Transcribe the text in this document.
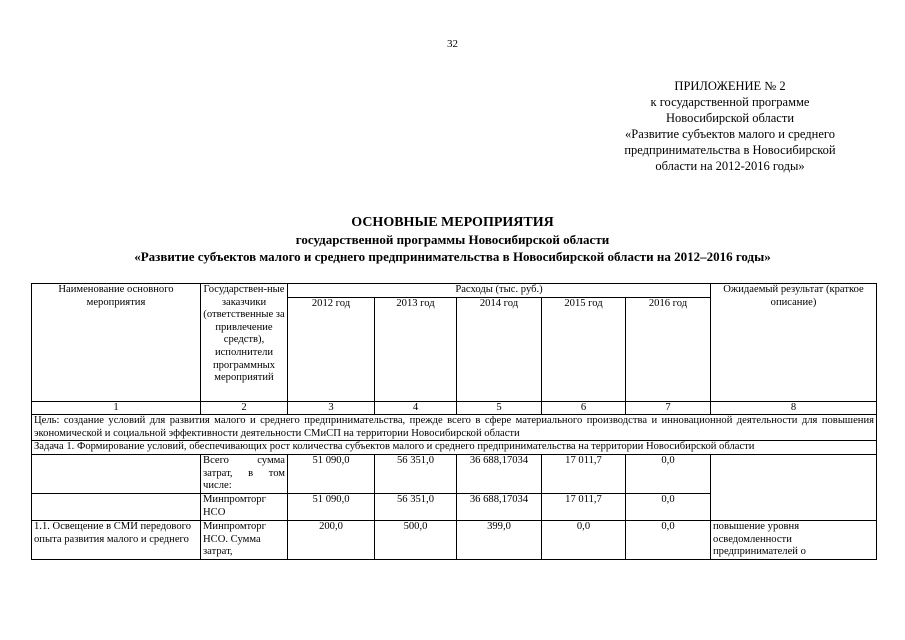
32
ПРИЛОЖЕНИЕ № 2
к государственной программе
Новосибирской области
«Развитие субъектов малого и среднего
предпринимательства в Новосибирской
области на 2012-2016 годы»
ОСНОВНЫЕ МЕРОПРИЯТИЯ
государственной программы Новосибирской области
«Развитие субъектов малого и среднего предпринимательства в Новосибирской области на 2012–2016 годы»
Наименование основного мероприятия	Государствен-ные заказчики (ответственные за привлечение средств), исполнители программных мероприятий	Расходы (тыс. руб.)					Ожидаемый результат (краткое описание)
		2012 год	2013 год	2014 год	2015 год	2016 год	
1	2	3	4	5	6	7	8
Цель: создание условий для развития малого и среднего предпринимательства, прежде всего в сфере материального производства и инновационной деятельности для повышения экономической и социальной эффективности деятельности СМиСП на территории Новосибирской области							
Задача 1. Формирование условий, обеспечивающих рост количества субъектов малого и среднего предпринимательства на территории Новосибирской области							
	Всего сумма затрат, в том числе:	51 090,0	56 351,0	36 688,17034	17 011,7	0,0	
	Минпромторг НСО	51 090,0	56 351,0	36 688,17034	17 011,7	0,0	
1.1. Освещение в СМИ передового опыта развития малого и среднего	Минпромторг НСО. Сумма затрат,	200,0	500,0	399,0	0,0	0,0	повышение уровня осведомленности предпринимателей о
